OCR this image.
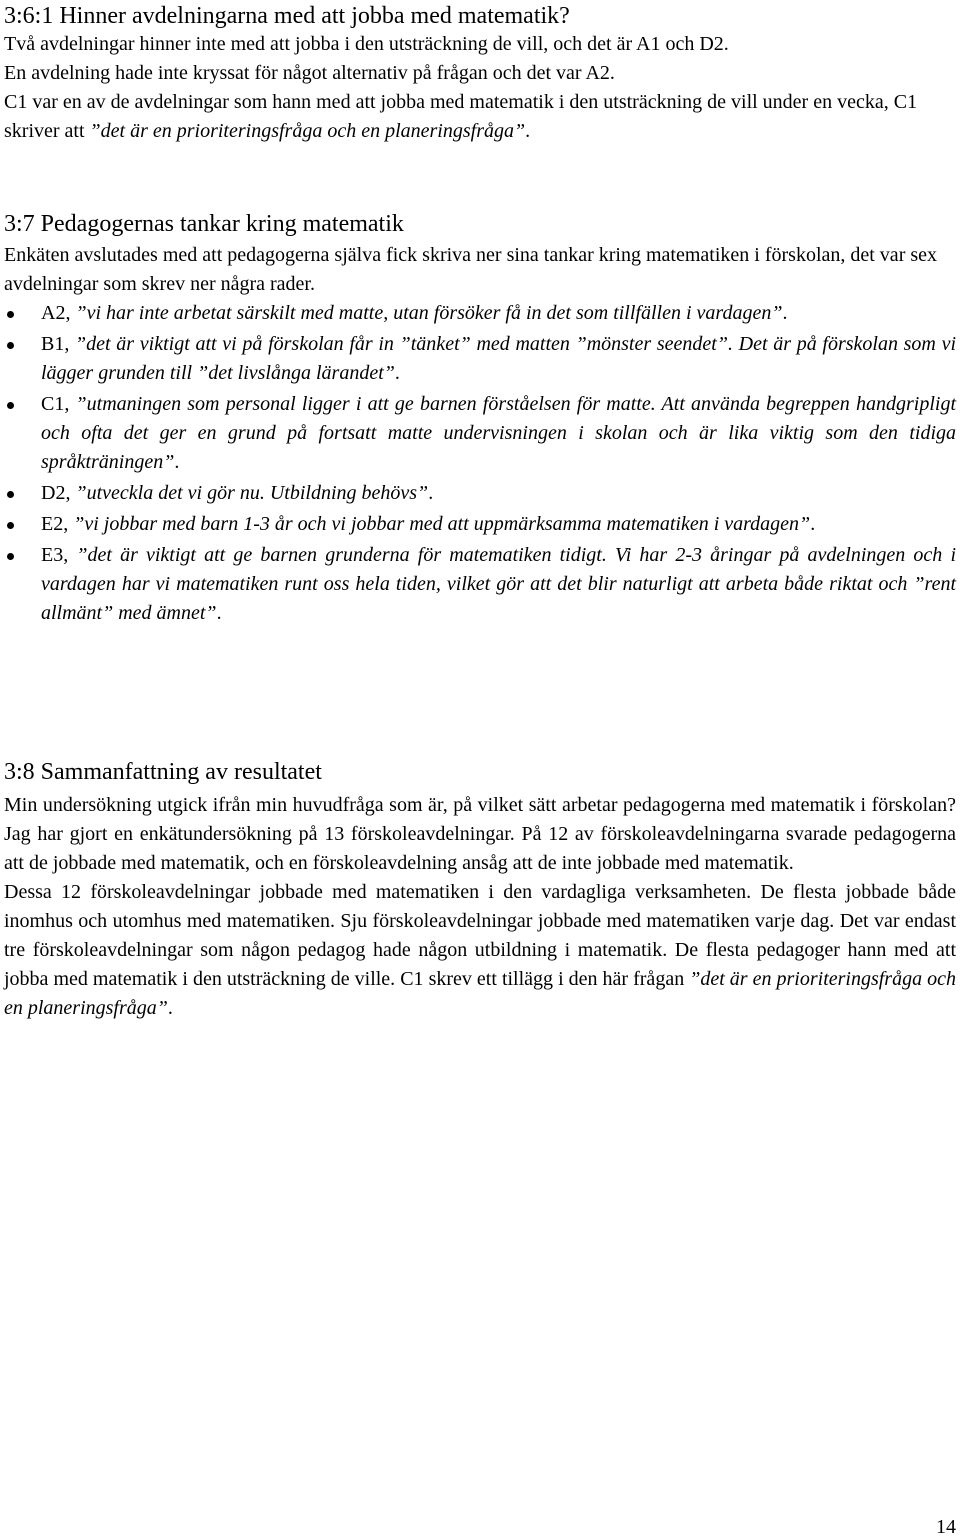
3:6:1 Hinner avdelningarna med att jobba med matematik?

Två avdelningar hinner inte med att jobba i den utsträckning de vill, och det är A1 och D2.

En avdelning hade inte kryssat för något alternativ på frågan och det var A2.

C1 var en av de avdelningar som hann med att jobba med matematik i den utsträckning de vill under en vecka, C1 skriver att ”det är en prioriteringsfråga och en planeringsfråga”.

3:7 Pedagogernas tankar kring matematik

Enkäten avslutades med att pedagogerna själva fick skriva ner sina tankar kring matematiken i förskolan, det var sex avdelningar som skrev ner några rader.

A2, ”vi har inte arbetat särskilt med matte, utan försöker få in det som tillfällen i vardagen”.
B1, ”det är viktigt att vi på förskolan får in ”tänket” med matten ”mönster seendet”. Det är på förskolan som vi lägger grunden till ”det livslånga lärandet”.
C1, ”utmaningen som personal ligger i att ge barnen förståelsen för matte. Att använda begreppen handgripligt och ofta det ger en grund på fortsatt matte undervisningen i skolan och är lika viktig som den tidiga språkträningen”.
D2, ”utveckla det vi gör nu. Utbildning behövs”.
E2, ”vi jobbar med barn 1-3 år och vi jobbar med att uppmärksamma matematiken i vardagen”.
E3, ”det är viktigt att ge barnen grunderna för matematiken tidigt. Vi har 2-3 åringar på avdelningen och i vardagen har vi matematiken runt oss hela tiden, vilket gör att det blir naturligt att arbeta både riktat och ”rent allmänt” med ämnet”.
3:8 Sammanfattning av resultatet

Min undersökning utgick ifrån min huvudfråga som är, på vilket sätt arbetar pedagogerna med matematik i förskolan? Jag har gjort en enkätundersökning på 13 förskoleavdelningar. På 12 av förskoleavdelningarna svarade pedagogerna att de jobbade med matematik, och en förskoleavdelning ansåg att de inte jobbade med matematik.

Dessa 12 förskoleavdelningar jobbade med matematiken i den vardagliga verksamheten. De flesta jobbade både inomhus och utomhus med matematiken. Sju förskoleavdelningar jobbade med matematiken varje dag. Det var endast tre förskoleavdelningar som någon pedagog hade någon utbildning i matematik. De flesta pedagoger hann med att jobba med matematik i den utsträckning de ville. C1 skrev ett tillägg i den här frågan ”det är en prioriteringsfråga och en planeringsfråga”.

14
